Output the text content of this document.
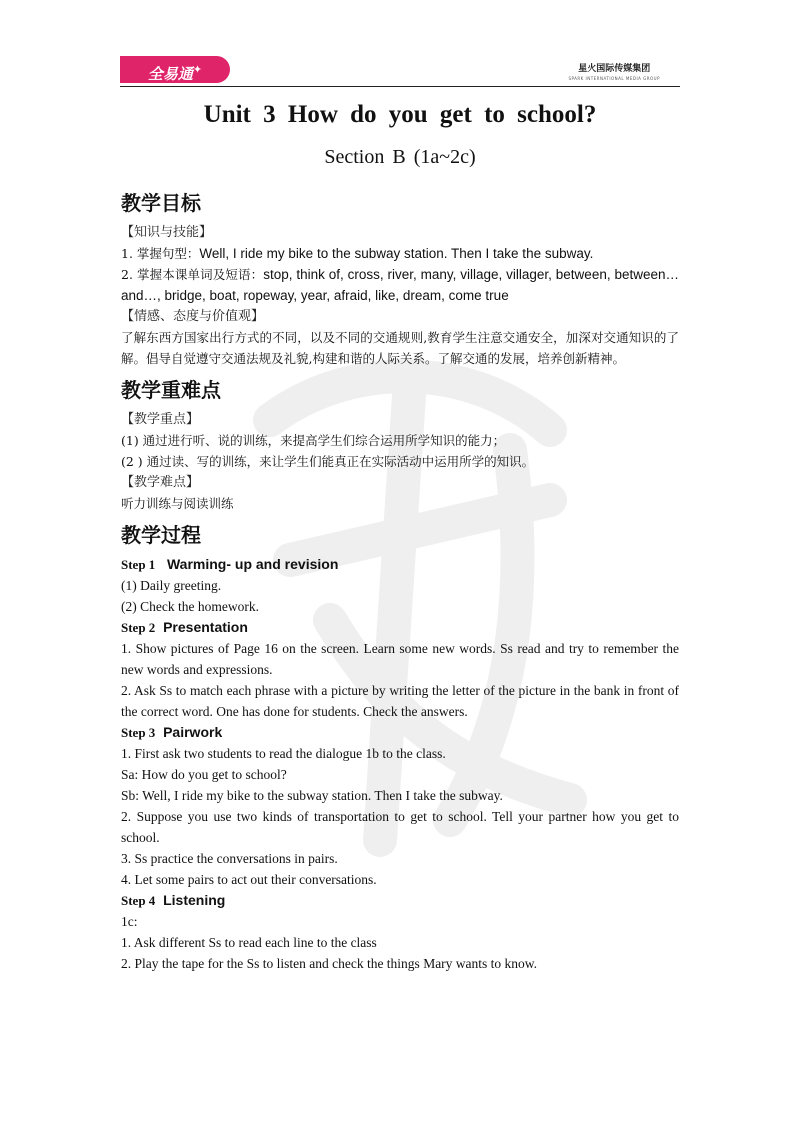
全易通✦	星火国际传媒集团
SPARK INTERNATIONAL MEDIA GROUP
Unit 3 How do you get to school?
Section B (1a~2c)
教学目标

【知识与技能】

1. 掌握句型：Well, I ride my bike to the subway station. Then I take the subway.

2. 掌握本课单词及短语：stop, think of, cross, river, many, village, villager, between, between…and…, bridge, boat, ropeway, year, afraid, like, dream, come true

【情感、态度与价值观】

了解东西方国家出行方式的不同，以及不同的交通规则,教育学生注意交通安全，加深对交通知识的了解。倡导自觉遵守交通法规及礼貌,构建和谐的人际关系。了解交通的发展，培养创新精神。

教学重难点

【教学重点】

(1) 通过进行听、说的训练，来提高学生们综合运用所学知识的能力；

(2 ) 通过读、写的训练，来让学生们能真正在实际活动中运用所学的知识。

【教学难点】

听力训练与阅读训练

教学过程

Step 1 Warming- up and revision

(1) Daily greeting.

(2) Check the homework.

Step 2 Presentation

1. Show pictures of Page 16 on the screen. Learn some new words. Ss read and try to remember the new words and expressions.

2. Ask Ss to match each phrase with a picture by writing the letter of the picture in the bank in front of the correct word. One has done for students. Check the answers.

Step 3 Pairwork

1. First ask two students to read the dialogue 1b to the class.

Sa: How do you get to school?

Sb: Well, I ride my bike to the subway station. Then I take the subway.

2. Suppose you use two kinds of transportation to get to school. Tell your partner how you get to school.

3. Ss practice the conversations in pairs.

4. Let some pairs to act out their conversations.

Step 4 Listening

1c:

1. Ask different Ss to read each line to the class

2. Play the tape for the Ss to listen and check the things Mary wants to know.
